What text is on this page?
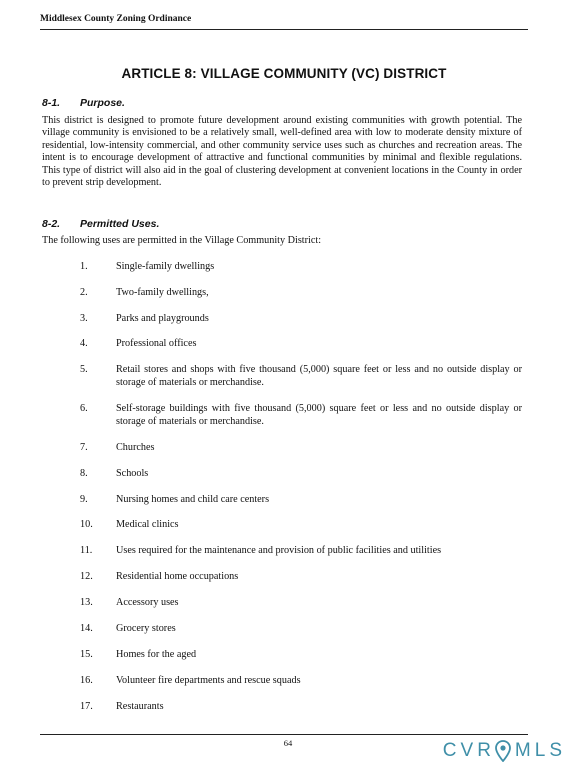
Middlesex County Zoning Ordinance
ARTICLE 8: VILLAGE COMMUNITY (VC) DISTRICT
8-1. Purpose.

This district is designed to promote future development around existing communities with growth potential. The village community is envisioned to be a relatively small, well-defined area with low to moderate density mixture of residential, low-intensity commercial, and other community service uses such as churches and recreation areas. The intent is to encourage development of attractive and functional communities by minimal and flexible regulations. This type of district will also aid in the goal of clustering development at convenient locations in the County in order to prevent strip development.

8-2. Permitted Uses.

The following uses are permitted in the Village Community District:

1.	Single-family dwellings
2.	Two-family dwellings,
3.	Parks and playgrounds
4.	Professional offices
5.	Retail stores and shops with five thousand (5,000) square feet or less and no outside display or storage of materials or merchandise.
6.	Self-storage buildings with five thousand (5,000) square feet or less and no outside display or storage of materials or merchandise.
7.	Churches
8.	Schools
9.	Nursing homes and child care centers
10. Medical clinics
11. Uses required for the maintenance and provision of public facilities and utilities
12. Residential home occupations
13. Accessory uses
14. Grocery stores
15. Homes for the aged
16. Volunteer fire departments and rescue squads
17. Restaurants
64	CVR MLS
